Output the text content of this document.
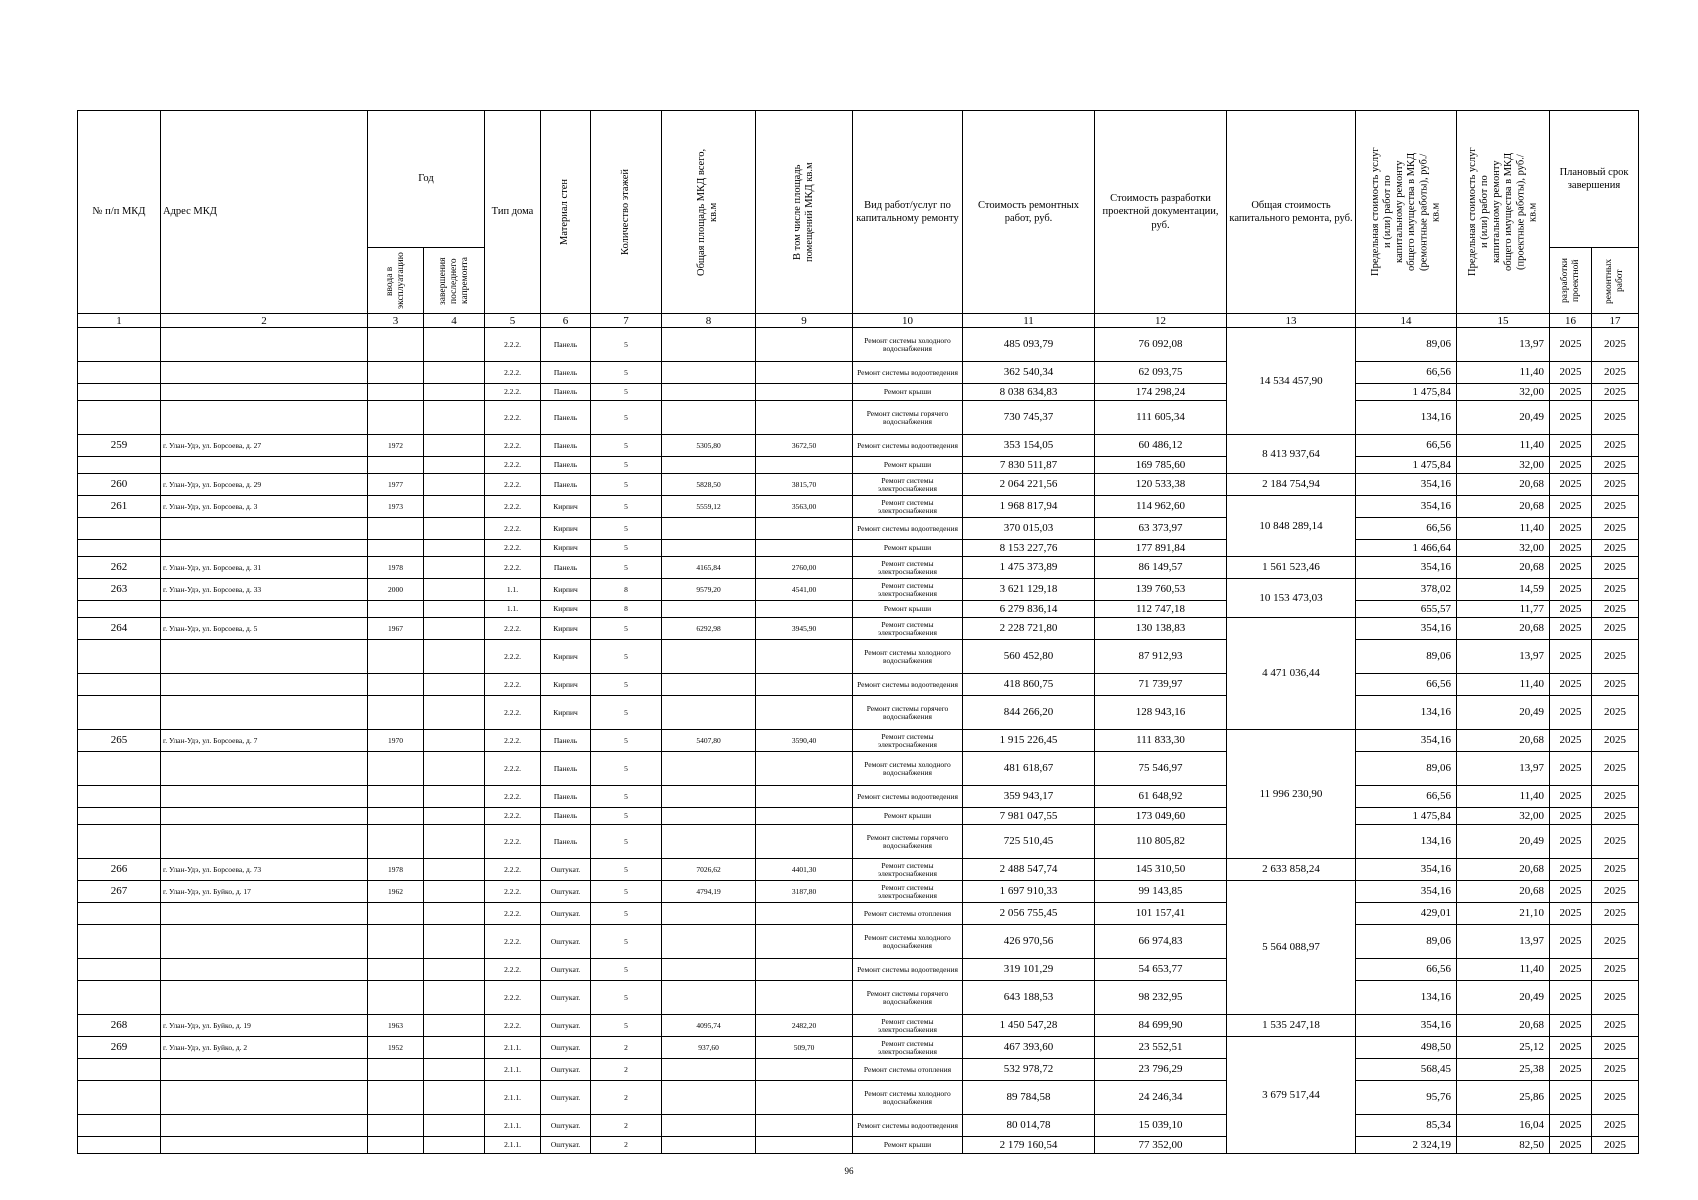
№ п/п МКД	Адрес МКД	Год		Тип дома	Материал стен	Количество этажей	Общая площадь МКД всего, кв.м	В том числе площадь помещений МКД кв.м	Вид работ/услуг по капитальному ремонту	Стоимость ремонтных работ, руб.	Стоимость разработки проектной документации, руб.	Общая стоимость капитального ремонта, руб.	Предельная стоимость услуг и (или) работ по капитальному ремонту общего имущества в МКД (ремонтные работы), руб./кв.м	Предельная стоимость услуг и (или) работ по капитальному ремонту общего имущества в МКД (проектные работы), руб./кв.м	Плановый срок завершения	

		ввода в эксплуатацию	завершения последнего капремонта												разработки проектной	ремонтных работ

1	2	3	4	5	6	7	8	9	10	11	12	13	14	15	16	17
				2.2.2.	Панель	5			Ремонт системы холодного водоснабжения	485 093,79	76 092,08	14 534 457,90	89,06	13,97	2025	2025
				2.2.2.	Панель	5			Ремонт системы водоотведения	362 540,34	62 093,75		66,56	11,40	2025	2025
				2.2.2.	Панель	5			Ремонт крыши	8 038 634,83	174 298,24		1 475,84	32,00	2025	2025
				2.2.2.	Панель	5			Ремонт системы горячего водоснабжения	730 745,37	111 605,34		134,16	20,49	2025	2025
259	г. Улан-Удэ, ул. Борсоева, д. 27	1972		2.2.2.	Панель	5	5305,80	3672,50	Ремонт системы водоотведения	353 154,05	60 486,12	8 413 937,64	66,56	11,40	2025	2025
				2.2.2.	Панель	5			Ремонт крыши	7 830 511,87	169 785,60		1 475,84	32,00	2025	2025
260	г. Улан-Удэ, ул. Борсоева, д. 29	1977		2.2.2.	Панель	5	5828,50	3815,70	Ремонт системы электроснабжения	2 064 221,56	120 533,38	2 184 754,94	354,16	20,68	2025	2025
261	г. Улан-Удэ, ул. Борсоева, д. 3	1973		2.2.2.	Кирпич	5	5559,12	3563,00	Ремонт системы электроснабжения	1 968 817,94	114 962,60	10 848 289,14	354,16	20,68	2025	2025
				2.2.2.	Кирпич	5			Ремонт системы водоотведения	370 015,03	63 373,97		66,56	11,40	2025	2025
				2.2.2.	Кирпич	5			Ремонт крыши	8 153 227,76	177 891,84		1 466,64	32,00	2025	2025
262	г. Улан-Удэ, ул. Борсоева, д. 31	1978		2.2.2.	Панель	5	4165,84	2760,00	Ремонт системы электроснабжения	1 475 373,89	86 149,57	1 561 523,46	354,16	20,68	2025	2025
263	г. Улан-Удэ, ул. Борсоева, д. 33	2000		1.1.	Кирпич	8	9579,20	4541,00	Ремонт системы электроснабжения	3 621 129,18	139 760,53	10 153 473,03	378,02	14,59	2025	2025
				1.1.	Кирпич	8			Ремонт крыши	6 279 836,14	112 747,18		655,57	11,77	2025	2025
264	г. Улан-Удэ, ул. Борсоева, д. 5	1967		2.2.2.	Кирпич	5	6292,98	3945,90	Ремонт системы электроснабжения	2 228 721,80	130 138,83	4 471 036,44	354,16	20,68	2025	2025
				2.2.2.	Кирпич	5			Ремонт системы холодного водоснабжения	560 452,80	87 912,93		89,06	13,97	2025	2025
				2.2.2.	Кирпич	5			Ремонт системы водоотведения	418 860,75	71 739,97		66,56	11,40	2025	2025
				2.2.2.	Кирпич	5			Ремонт системы горячего водоснабжения	844 266,20	128 943,16		134,16	20,49	2025	2025
265	г. Улан-Удэ, ул. Борсоева, д. 7	1970		2.2.2.	Панель	5	5407,80	3590,40	Ремонт системы электроснабжения	1 915 226,45	111 833,30	11 996 230,90	354,16	20,68	2025	2025
				2.2.2.	Панель	5			Ремонт системы холодного водоснабжения	481 618,67	75 546,97		89,06	13,97	2025	2025
				2.2.2.	Панель	5			Ремонт системы водоотведения	359 943,17	61 648,92		66,56	11,40	2025	2025
				2.2.2.	Панель	5			Ремонт крыши	7 981 047,55	173 049,60		1 475,84	32,00	2025	2025
				2.2.2.	Панель	5			Ремонт системы горячего водоснабжения	725 510,45	110 805,82		134,16	20,49	2025	2025
266	г. Улан-Удэ, ул. Борсоева, д. 73	1978		2.2.2.	Оштукат.	5	7026,62	4401,30	Ремонт системы электроснабжения	2 488 547,74	145 310,50	2 633 858,24	354,16	20,68	2025	2025
267	г. Улан-Удэ, ул. Буйко, д. 17	1962		2.2.2.	Оштукат.	5	4794,19	3187,80	Ремонт системы электроснабжения	1 697 910,33	99 143,85	5 564 088,97	354,16	20,68	2025	2025
				2.2.2.	Оштукат.	5			Ремонт системы отопления	2 056 755,45	101 157,41		429,01	21,10	2025	2025
				2.2.2.	Оштукат.	5			Ремонт системы холодного водоснабжения	426 970,56	66 974,83		89,06	13,97	2025	2025
				2.2.2.	Оштукат.	5			Ремонт системы водоотведения	319 101,29	54 653,77		66,56	11,40	2025	2025
				2.2.2.	Оштукат.	5			Ремонт системы горячего водоснабжения	643 188,53	98 232,95		134,16	20,49	2025	2025
268	г. Улан-Удэ, ул. Буйко, д. 19	1963		2.2.2.	Оштукат.	5	4095,74	2482,20	Ремонт системы электроснабжения	1 450 547,28	84 699,90	1 535 247,18	354,16	20,68	2025	2025
269	г. Улан-Удэ, ул. Буйко, д. 2	1952		2.1.1.	Оштукат.	2	937,60	509,70	Ремонт системы электроснабжения	467 393,60	23 552,51	3 679 517,44	498,50	25,12	2025	2025
				2.1.1.	Оштукат.	2			Ремонт системы отопления	532 978,72	23 796,29		568,45	25,38	2025	2025
				2.1.1.	Оштукат.	2			Ремонт системы холодного водоснабжения	89 784,58	24 246,34		95,76	25,86	2025	2025
				2.1.1.	Оштукат.	2			Ремонт системы водоотведения	80 014,78	15 039,10		85,34	16,04	2025	2025
				2.1.1.	Оштукат.	2			Ремонт крыши	2 179 160,54	77 352,00		2 324,19	82,50	2025	2025
96
